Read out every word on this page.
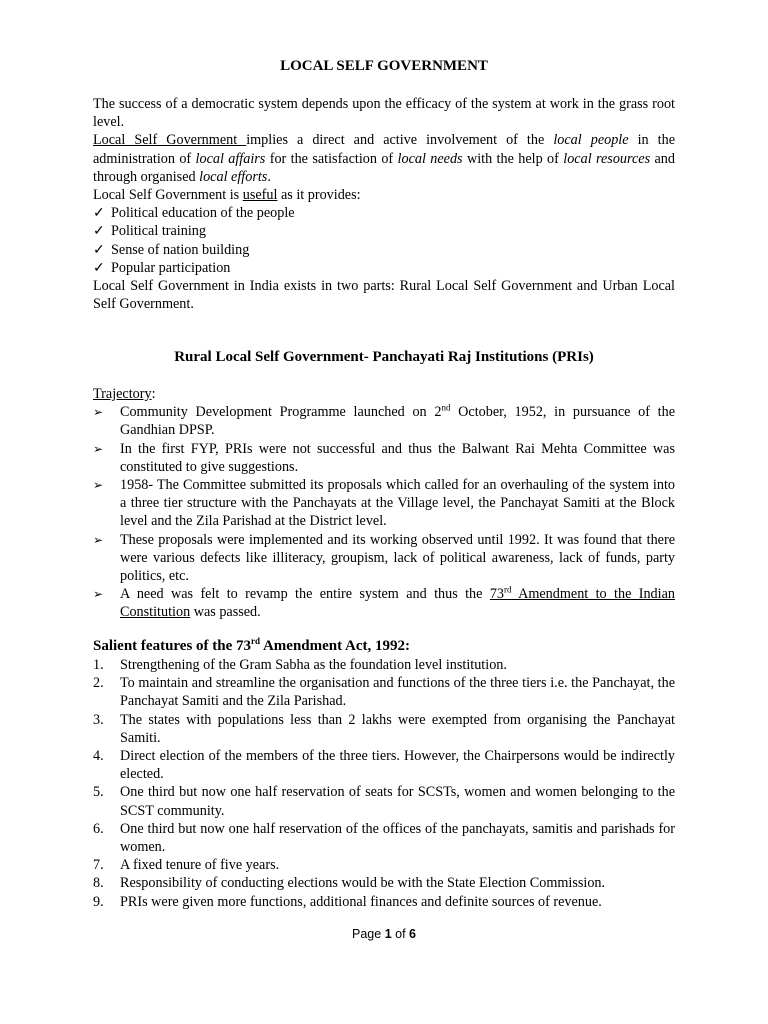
LOCAL SELF GOVERNMENT
The success of a democratic system depends upon the efficacy of the system at work in the grass root level.
Local Self Government implies a direct and active involvement of the local people in the administration of local affairs for the satisfaction of local needs with the help of local resources and through organised local efforts.
Local Self Government is useful as it provides:
✓ Political education of the people
✓ Political training
✓ Sense of nation building
✓ Popular participation
Local Self Government in India exists in two parts: Rural Local Self Government and Urban Local Self Government.
Rural Local Self Government- Panchayati Raj Institutions (PRIs)
Trajectory:
➢ Community Development Programme launched on 2nd October, 1952, in pursuance of the Gandhian DPSP.
➢ In the first FYP, PRIs were not successful and thus the Balwant Rai Mehta Committee was constituted to give suggestions.
➢ 1958- The Committee submitted its proposals which called for an overhauling of the system into a three tier structure with the Panchayats at the Village level, the Panchayat Samiti at the Block level and the Zila Parishad at the District level.
➢ These proposals were implemented and its working observed until 1992. It was found that there were various defects like illiteracy, groupism, lack of political awareness, lack of funds, party politics, etc.
➢ A need was felt to revamp the entire system and thus the 73rd Amendment to the Indian Constitution was passed.
Salient features of the 73rd Amendment Act, 1992:
1. Strengthening of the Gram Sabha as the foundation level institution.
2. To maintain and streamline the organisation and functions of the three tiers i.e. the Panchayat, the Panchayat Samiti and the Zila Parishad.
3. The states with populations less than 2 lakhs were exempted from organising the Panchayat Samiti.
4. Direct election of the members of the three tiers. However, the Chairpersons would be indirectly elected.
5. One third but now one half reservation of seats for SCSTs, women and women belonging to the SCST community.
6. One third but now one half reservation of the offices of the panchayats, samitis and parishads for women.
7. A fixed tenure of five years.
8. Responsibility of conducting elections would be with the State Election Commission.
9. PRIs were given more functions, additional finances and definite sources of revenue.
Page 1 of 6
